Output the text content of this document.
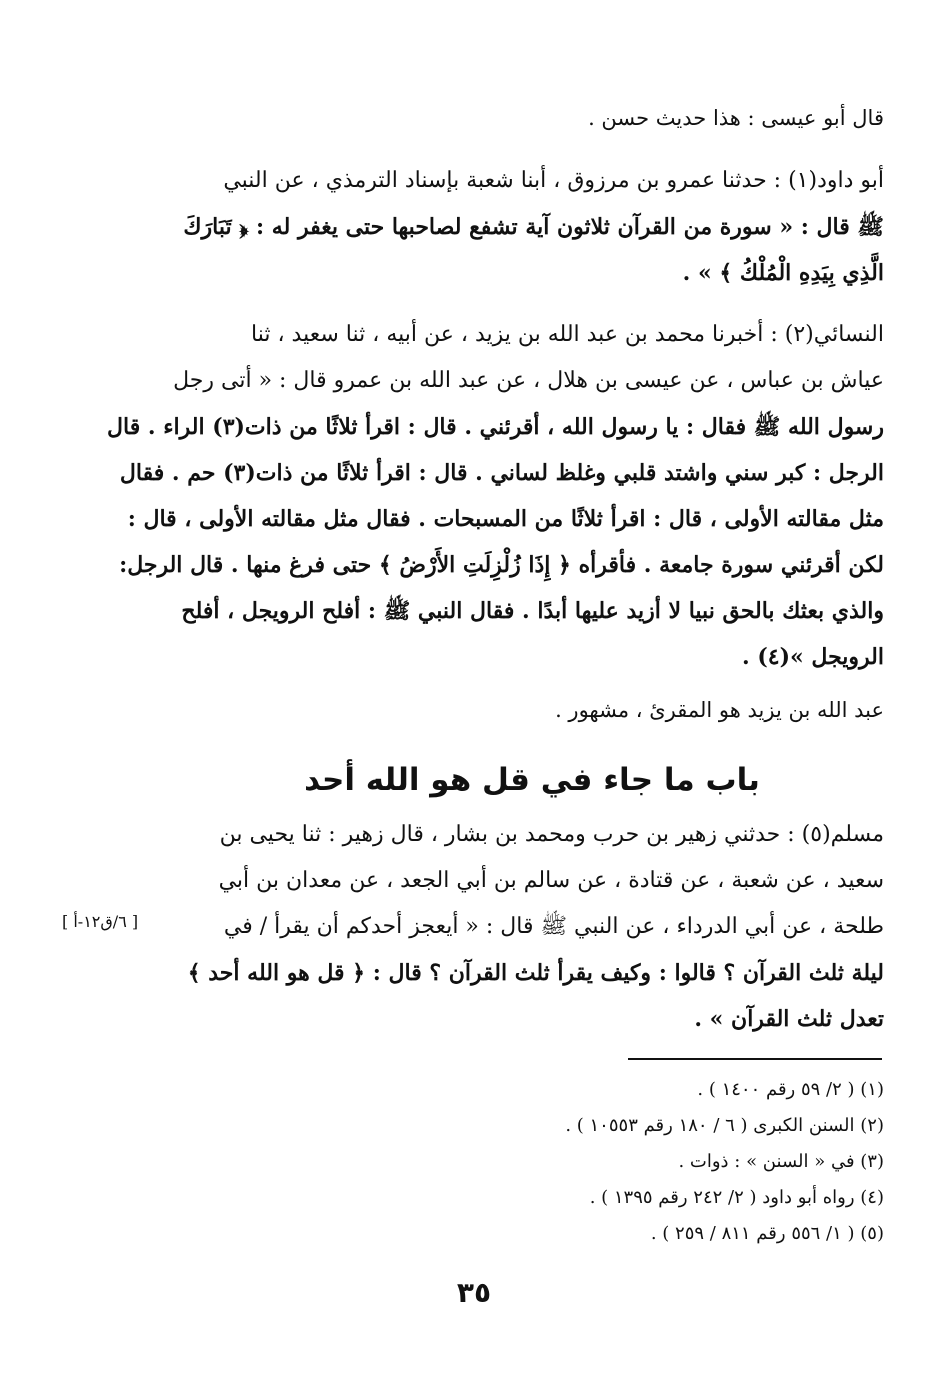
قال أبو عيسى : هذا حديث حسن .
أبو داود(١) : حدثنا عمرو بن مرزوق ، أبنا شعبة بإسناد الترمذي ، عن النبي
ﷺ قال : « سورة من القرآن ثلاثون آية تشفع لصاحبها حتى يغفر له : ﴿ تَبَارَكَ
الَّذِي بِيَدِهِ الْمُلْكُ ﴾ » .
النسائي(٢) : أخبرنا محمد بن عبد الله بن يزيد ، عن أبيه ، ثنا سعيد ، ثنا
عياش بن عباس ، عن عيسى بن هلال ، عن عبد الله بن عمرو قال : « أتى رجل
رسول الله ﷺ فقال : يا رسول الله ، أقرئني . قال : اقرأ ثلاثًا من ذات(٣) الراء . قال
الرجل : كبر سني واشتد قلبي وغلظ لساني . قال : اقرأ ثلاثًا من ذات(٣) حم . فقال
مثل مقالته الأولى ، قال : اقرأ ثلاثًا من المسبحات . فقال مثل مقالته الأولى ، قال :
لكن أقرئني سورة جامعة . فأقرأه ﴿ إِذَا زُلْزِلَتِ الأَرْضُ ﴾ حتى فرغ منها . قال الرجل:
والذي بعثك بالحق نبيا لا أزيد عليها أبدًا . فقال النبي ﷺ : أفلح الرويجل ، أفلح
الرويجل »(٤) .
عبد الله بن يزيد هو المقرئ ، مشهور .
باب ما جاء في قل هو الله أحد
مسلم(٥) : حدثني زهير بن حرب ومحمد بن بشار ، قال زهير : ثنا يحيى بن
سعيد ، عن شعبة ، عن قتادة ، عن سالم بن أبي الجعد ، عن معدان بن أبي
طلحة ، عن أبي الدرداء ، عن النبي ﷺ قال : « أيعجز أحدكم أن يقرأ / في
ليلة ثلث القرآن ؟ قالوا : وكيف يقرأ ثلث القرآن ؟ قال : ﴿ قل هو الله أحد ﴾
تعدل ثلث القرآن » .
[ ٦/ق١٢-أ ]
(١) ( ٢/ ٥٩ رقم ١٤٠٠ ) .
(٢) السنن الكبرى ( ٦ / ١٨٠ رقم ١٠٥٥٣ ) .
(٣) في « السنن » : ذوات .
(٤) رواه أبو داود ( ٢/ ٢٤٢ رقم ١٣٩٥ ) .
(٥) ( ١/ ٥٥٦ رقم ٨١١ / ٢٥٩ ) .
٣٥
